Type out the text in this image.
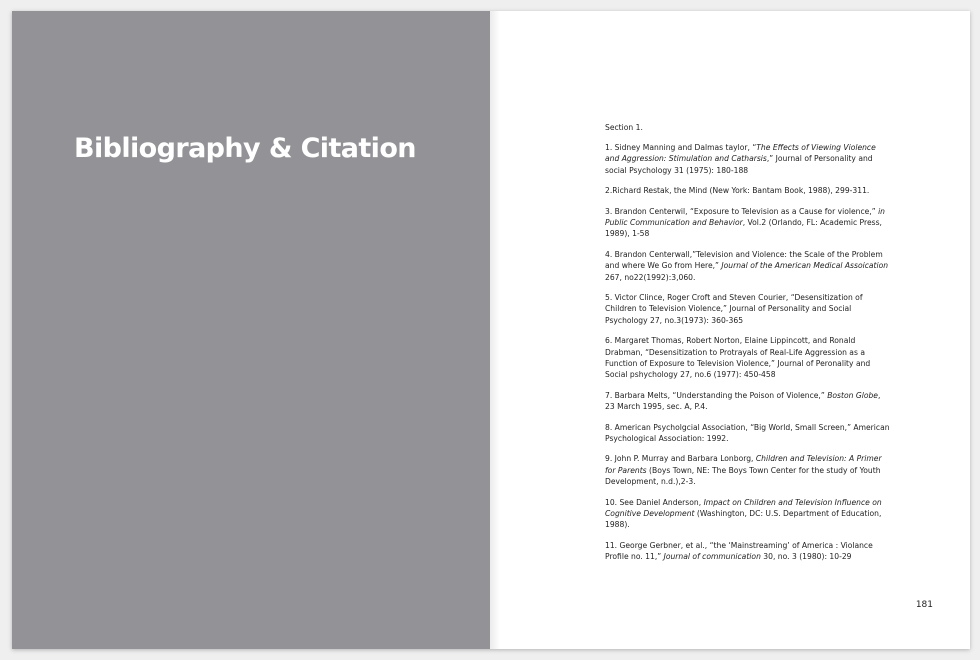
Bibliography & Citation

Section 1.

1. Sidney Manning and Dalmas taylor, “The Effects of Viewing Violence and Aggression: Stimulation and Catharsis,” Journal of Personality and social Psychology 31 (1975): 180-188

2.Richard Restak, the Mind (New York: Bantam Book, 1988), 299-311.

3. Brandon Centerwil, “Exposure to Television as a Cause for violence,” in Public Communication and Behavior, Vol.2 (Orlando, FL: Academic Press, 1989), 1-58

4. Brandon Centerwall,”Television and Violence: the Scale of the Problem and where We Go from Here,” Journal of the American Medical Assoication 267, no22(1992):3,060.

5. Victor Clince, Roger Croft and Steven Courier, “Desensitization of Children to Television Violence,” Journal of Personality and Social Psychology 27, no.3(1973): 360-365

6. Margaret Thomas, Robert Norton, Elaine Lippincott, and Ronald Drabman, “Desensitization to Protrayals of Real-Life Aggression as a Function of Exposure to Television Violence,” Journal of Peronality and Social pshychology 27, no.6 (1977): 450-458

7. Barbara Melts, “Understanding the Poison of Violence,” Boston Globe, 23 March 1995, sec. A, P.4.

8. American Psycholgcial Association, “Big World, Small Screen,” American Psychological Association: 1992.

9. John P. Murray and Barbara Lonborg, Children and Television: A Primer for Parents (Boys Town, NE: The Boys Town Center for the study of Youth Development, n.d.),2-3.

10. See Daniel Anderson, Impact on Children and Television Influence on Cognitive Development (Washington, DC: U.S. Department of Education, 1988).

11. George Gerbner, et al., “the ‘Mainstreaming’ of America : Violance Profile no. 11,” Journal of communication 30, no. 3 (1980): 10-29

181
